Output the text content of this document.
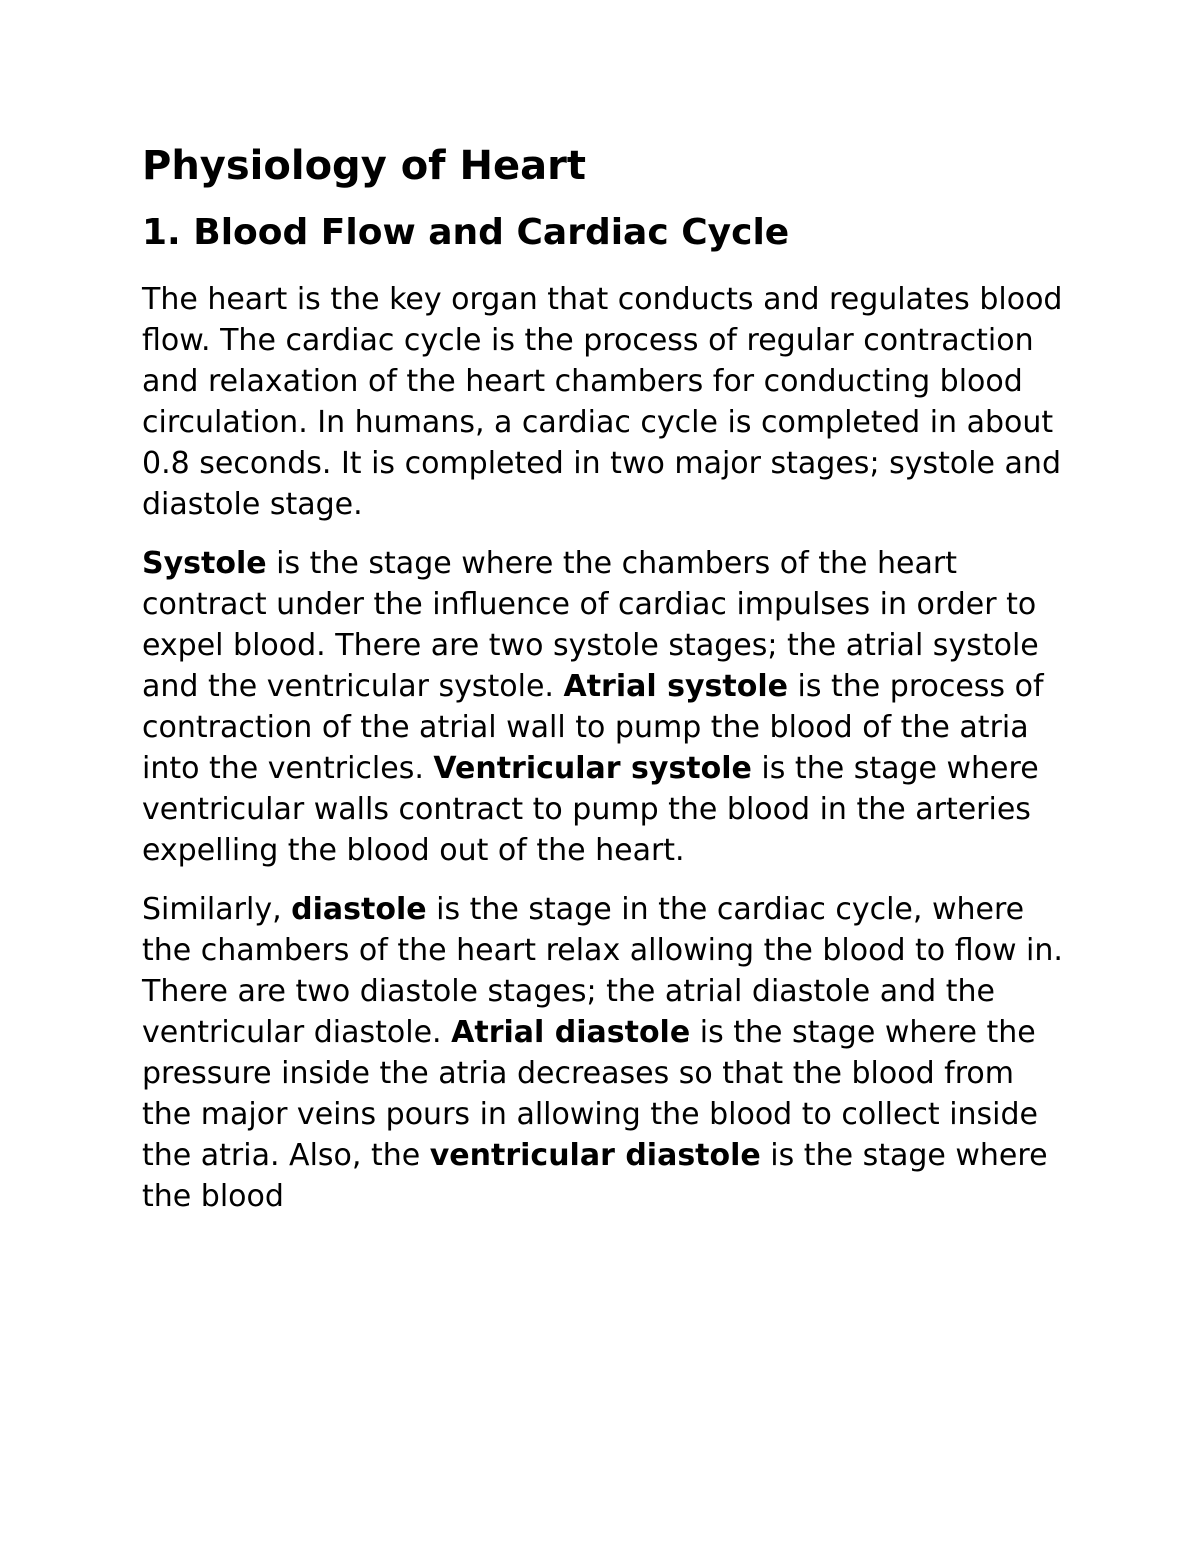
Physiology of Heart
1. Blood Flow and Cardiac Cycle

The heart is the key organ that conducts and regulates blood flow. The cardiac cycle is the process of regular contraction and relaxation of the heart chambers for conducting blood circulation. In humans, a cardiac cycle is completed in about 0.8 seconds. It is completed in two major stages; systole and diastole stage.

Systole is the stage where the chambers of the heart contract under the influence of cardiac impulses in order to expel blood. There are two systole stages; the atrial systole and the ventricular systole. Atrial systole is the process of contraction of the atrial wall to pump the blood of the atria into the ventricles. Ventricular systole is the stage where ventricular walls contract to pump the blood in the arteries expelling the blood out of the heart.

Similarly, diastole is the stage in the cardiac cycle, where the chambers of the heart relax allowing the blood to flow in. There are two diastole stages; the atrial diastole and the ventricular diastole. Atrial diastole is the stage where the pressure inside the atria decreases so that the blood from the major veins pours in allowing the blood to collect inside the atria. Also, the ventricular diastole is the stage where the blood
